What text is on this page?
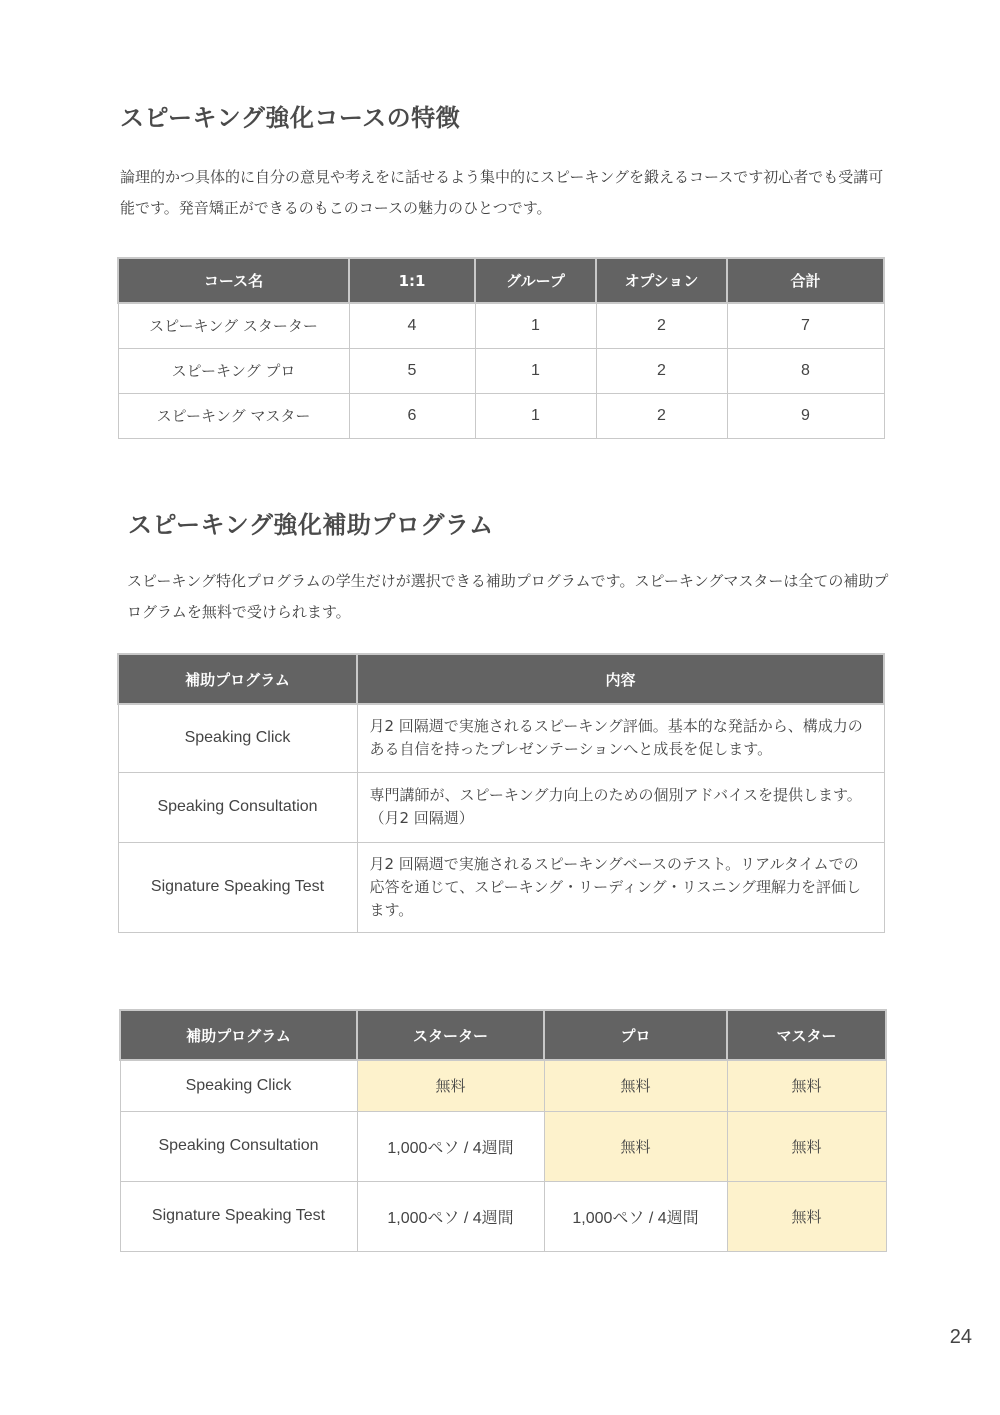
スピーキング強化コースの特徴

論理的かつ具体的に自分の意見や考えをに話せるよう集中的にスピーキングを鍛えるコースです初心者でも受講可能です。発音矯正ができるのもこのコースの魅力のひとつです。

コース名	1:1	グループ	オプション	合計
スピーキング スターター	4	1	2	7
スピーキング プロ	5	1	2	8
スピーキング マスター	6	1	2	9
スピーキング強化補助プログラム

スピーキング特化プログラムの学生だけが選択できる補助プログラムです。スピーキングマスターは全ての補助プログラムを無料で受けられます。

補助プログラム	内容
Speaking Click	月2 回隔週で実施されるスピーキング評価。基本的な発話から、構成力のある自信を持ったプレゼンテーションへと成長を促します。
Speaking Consultation	専門講師が、スピーキング力向上のための個別アドバイスを提供します。（月2 回隔週）
Signature Speaking Test	月2 回隔週で実施されるスピーキングベースのテスト。リアルタイムでの応答を通じて、スピーキング・リーディング・リスニング理解力を評価します。
補助プログラム	スターター	プロ	マスター
Speaking Click	無料	無料	無料
Speaking Consultation	1,000ペソ / 4週間	無料	無料
Signature Speaking Test	1,000ペソ / 4週間	1,000ペソ / 4週間	無料
24
